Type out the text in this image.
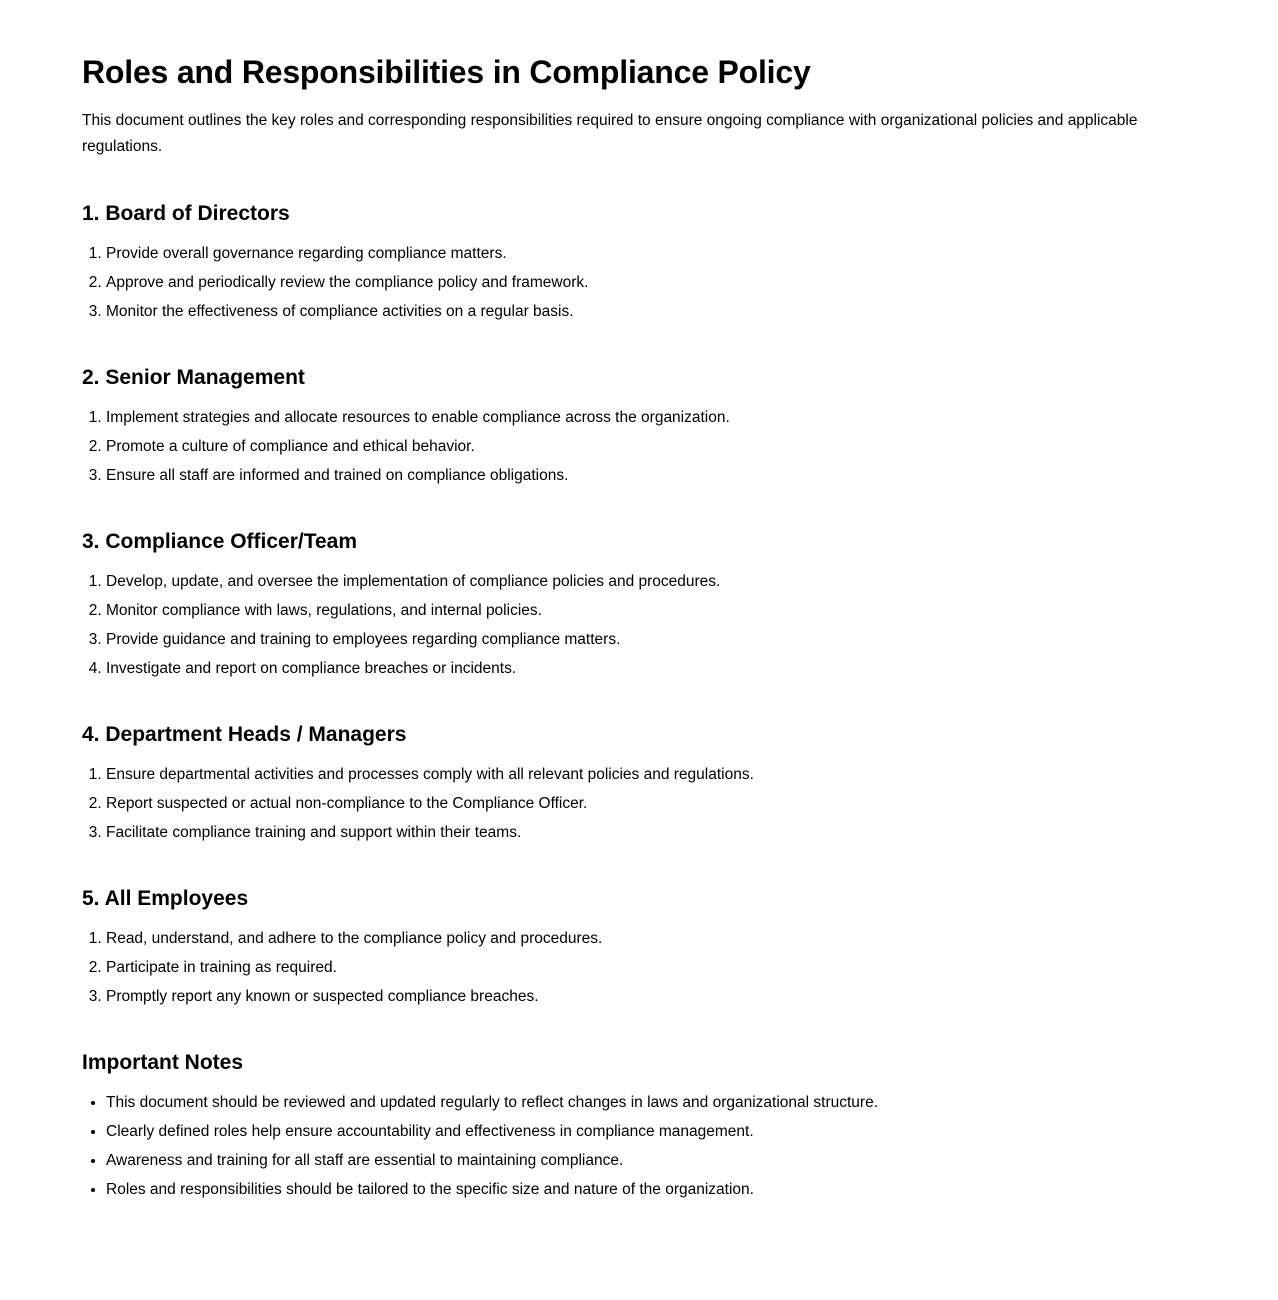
Roles and Responsibilities in Compliance Policy

This document outlines the key roles and corresponding responsibilities required to ensure ongoing compliance with organizational policies and applicable regulations.

1. Board of Directors
1. Provide overall governance regarding compliance matters.
2. Approve and periodically review the compliance policy and framework.
3. Monitor the effectiveness of compliance activities on a regular basis.
2. Senior Management
1. Implement strategies and allocate resources to enable compliance across the organization.
2. Promote a culture of compliance and ethical behavior.
3. Ensure all staff are informed and trained on compliance obligations.
3. Compliance Officer/Team
1. Develop, update, and oversee the implementation of compliance policies and procedures.
2. Monitor compliance with laws, regulations, and internal policies.
3. Provide guidance and training to employees regarding compliance matters.
4. Investigate and report on compliance breaches or incidents.
4. Department Heads / Managers
1. Ensure departmental activities and processes comply with all relevant policies and regulations.
2. Report suspected or actual non-compliance to the Compliance Officer.
3. Facilitate compliance training and support within their teams.
5. All Employees
1. Read, understand, and adhere to the compliance policy and procedures.
2. Participate in training as required.
3. Promptly report any known or suspected compliance breaches.
Important Notes
• This document should be reviewed and updated regularly to reflect changes in laws and organizational structure.
• Clearly defined roles help ensure accountability and effectiveness in compliance management.
• Awareness and training for all staff are essential to maintaining compliance.
• Roles and responsibilities should be tailored to the specific size and nature of the organization.
